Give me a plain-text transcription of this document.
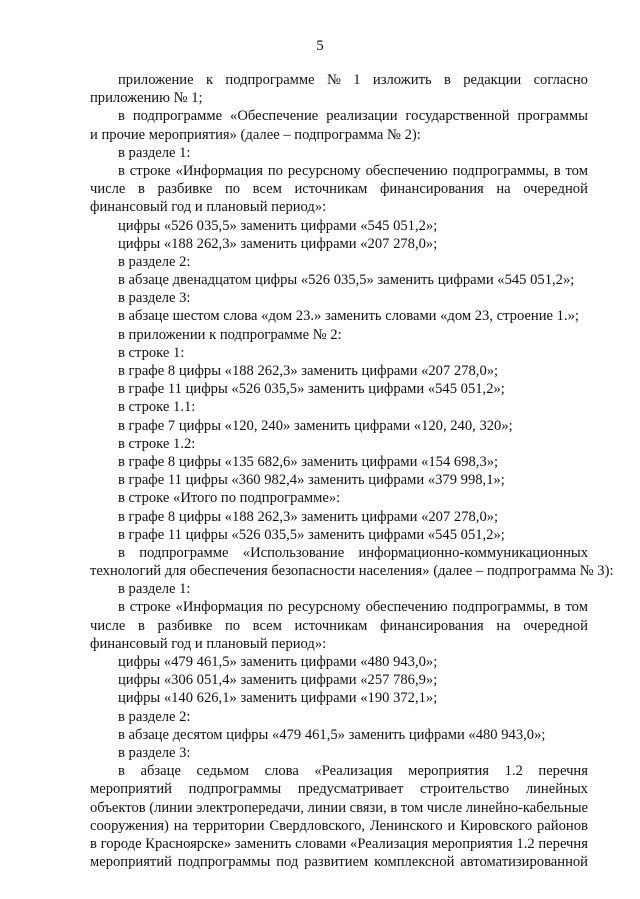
5
приложение к подпрограмме № 1 изложить в редакции согласно
приложению № 1;
в подпрограмме «Обеспечение реализации государственной программы
и прочие мероприятия» (далее – подпрограмма № 2):
в разделе 1:
в строке «Информация по ресурсному обеспечению подпрограммы, в том
числе в разбивке по всем источникам финансирования на очередной
финансовый год и плановый период»:
цифры «526 035,5» заменить цифрами «545 051,2»;
цифры «188 262,3» заменить цифрами «207 278,0»;
в разделе 2:
в абзаце двенадцатом цифры «526 035,5» заменить цифрами «545 051,2»;
в разделе 3:
в абзаце шестом слова «дом 23.» заменить словами «дом 23, строение 1.»;
в приложении к подпрограмме № 2:
в строке 1:
в графе 8 цифры «188 262,3» заменить цифрами «207 278,0»;
в графе 11 цифры «526 035,5» заменить цифрами «545 051,2»;
в строке 1.1:
в графе 7 цифры «120, 240» заменить цифрами «120, 240, 320»;
в строке 1.2:
в графе 8 цифры «135 682,6» заменить цифрами «154 698,3»;
в графе 11 цифры «360 982,4» заменить цифрами «379 998,1»;
в строке «Итого по подпрограмме»:
в графе 8 цифры «188 262,3» заменить цифрами «207 278,0»;
в графе 11 цифры «526 035,5» заменить цифрами «545 051,2»;
в подпрограмме «Использование информационно-коммуникационных
технологий для обеспечения безопасности населения» (далее – подпрограмма № 3):
в разделе 1:
в строке «Информация по ресурсному обеспечению подпрограммы, в том
числе в разбивке по всем источникам финансирования на очередной
финансовый год и плановый период»:
цифры «479 461,5» заменить цифрами «480 943,0»;
цифры «306 051,4» заменить цифрами «257 786,9»;
цифры «140 626,1» заменить цифрами «190 372,1»;
в разделе 2:
в абзаце десятом цифры «479 461,5» заменить цифрами «480 943,0»;
в разделе 3:
в абзаце седьмом слова «Реализация мероприятия 1.2 перечня
мероприятий подпрограммы предусматривает строительство линейных
объектов (линии электропередачи, линии связи, в том числе линейно-кабельные
сооружения) на территории Свердловского, Ленинского и Кировского районов
в городе Красноярске» заменить словами «Реализация мероприятия 1.2 перечня
мероприятий подпрограммы под развитием комплексной автоматизированной
